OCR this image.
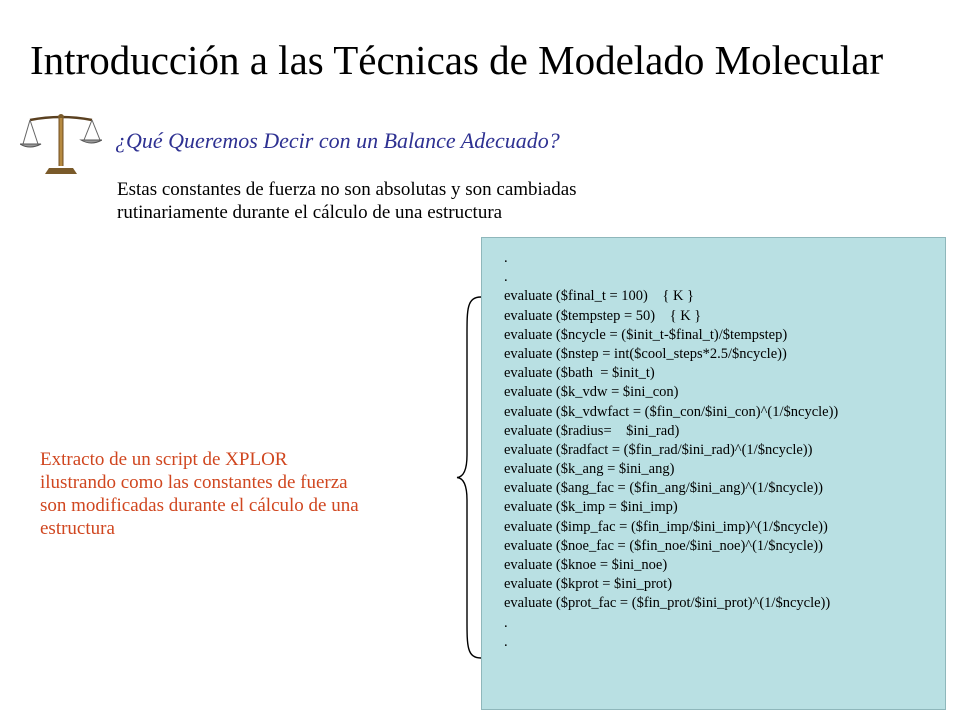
Introducción a las Técnicas de Modelado Molecular
¿Qué Queremos Decir con un Balance Adecuado?
Estas constantes de fuerza no son absolutas y son cambiadas
rutinariamente durante el cálculo de una estructura
Extracto de un script de XPLOR
ilustrando como las constantes de fuerza
son modificadas durante el cálculo de una
estructura
.
.
evaluate ($final_t = 100)    { K }
evaluate ($tempstep = 50)    { K }
evaluate ($ncycle = ($init_t-$final_t)/$tempstep)
evaluate ($nstep = int($cool_steps*2.5/$ncycle))
evaluate ($bath  = $init_t)
evaluate ($k_vdw = $ini_con)
evaluate ($k_vdwfact = ($fin_con/$ini_con)^(1/$ncycle))
evaluate ($radius=    $ini_rad)
evaluate ($radfact = ($fin_rad/$ini_rad)^(1/$ncycle))
evaluate ($k_ang = $ini_ang)
evaluate ($ang_fac = ($fin_ang/$ini_ang)^(1/$ncycle))
evaluate ($k_imp = $ini_imp)
evaluate ($imp_fac = ($fin_imp/$ini_imp)^(1/$ncycle))
evaluate ($noe_fac = ($fin_noe/$ini_noe)^(1/$ncycle))
evaluate ($knoe = $ini_noe)
evaluate ($kprot = $ini_prot)
evaluate ($prot_fac = ($fin_prot/$ini_prot)^(1/$ncycle))
.
.
